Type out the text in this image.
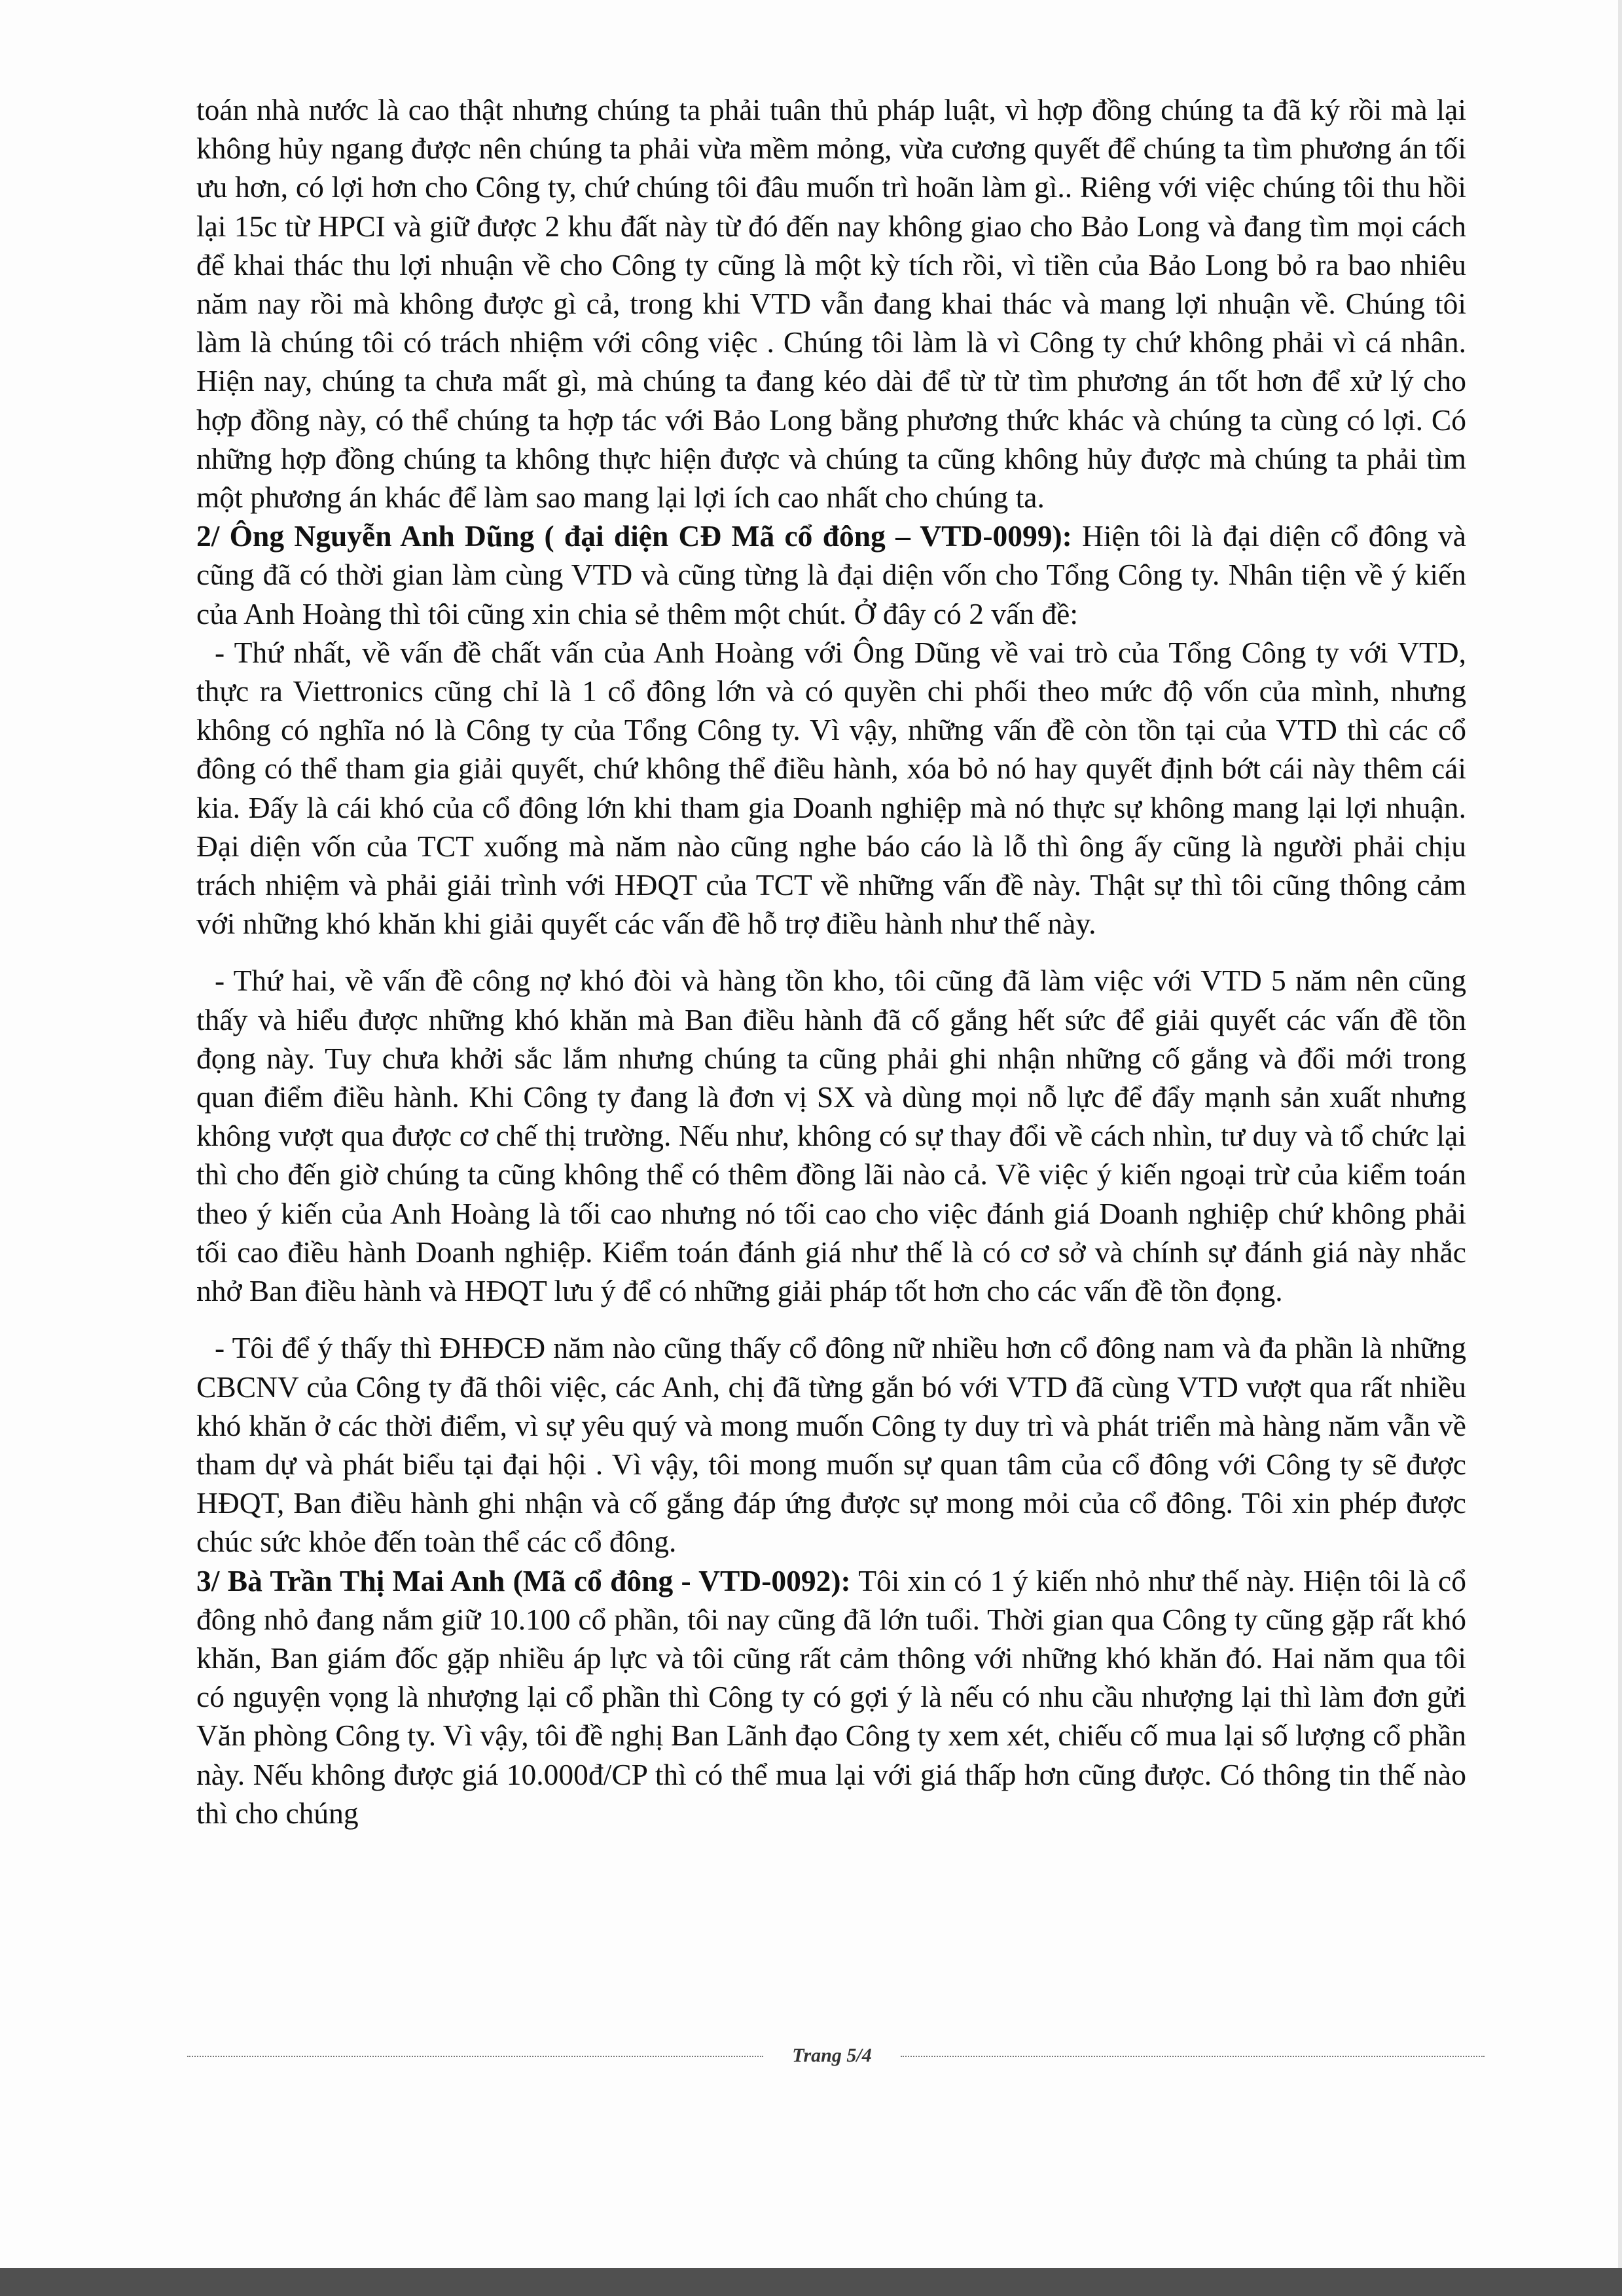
toán nhà nước là cao thật nhưng chúng ta phải tuân thủ pháp luật, vì hợp đồng chúng ta đã ký rồi mà lại không hủy ngang được nên chúng ta phải vừa mềm mỏng, vừa cương quyết để chúng ta tìm phương án tối ưu hơn, có lợi hơn cho Công ty, chứ chúng tôi đâu muốn trì hoãn làm gì.. Riêng với việc chúng tôi thu hồi lại 15c từ HPCI và giữ được 2 khu đất này từ đó đến nay không giao cho Bảo Long và đang tìm mọi cách để khai thác thu lợi nhuận về cho Công ty cũng là một kỳ tích rồi, vì tiền của Bảo Long bỏ ra bao nhiêu năm nay rồi mà không được gì cả, trong khi VTD vẫn đang khai thác và mang lợi nhuận về. Chúng tôi làm là chúng tôi có trách nhiệm với công việc . Chúng tôi làm là vì Công ty chứ không phải vì cá nhân. Hiện nay, chúng ta chưa mất gì, mà chúng ta đang kéo dài để từ từ tìm phương án tốt hơn để xử lý cho hợp đồng này, có thể chúng ta hợp tác với Bảo Long bằng phương thức khác và chúng ta cùng có lợi. Có những hợp đồng chúng ta không thực hiện được và chúng ta cũng không hủy được mà chúng ta phải tìm một phương án khác để làm sao mang lại lợi ích cao nhất cho chúng ta.

2/ Ông Nguyễn Anh Dũng ( đại diện CĐ Mã cổ đông – VTD-0099): Hiện tôi là đại diện cổ đông và cũng đã có thời gian làm cùng VTD và cũng từng là đại diện vốn cho Tổng Công ty. Nhân tiện về ý kiến của Anh Hoàng thì tôi cũng xin chia sẻ thêm một chút. Ở đây có 2 vấn đề:

- Thứ nhất, về vấn đề chất vấn của Anh Hoàng với Ông Dũng về vai trò của Tổng Công ty với VTD, thực ra Viettronics cũng chỉ là 1 cổ đông lớn và có quyền chi phối theo mức độ vốn của mình, nhưng không có nghĩa nó là Công ty của Tổng Công ty. Vì vậy, những vấn đề còn tồn tại của VTD thì các cổ đông có thể tham gia giải quyết, chứ không thể điều hành, xóa bỏ nó hay quyết định bớt cái này thêm cái kia. Đấy là cái khó của cổ đông lớn khi tham gia Doanh nghiệp mà nó thực sự không mang lại lợi nhuận. Đại diện vốn của TCT xuống mà năm nào cũng nghe báo cáo là lỗ thì ông ấy cũng là người phải chịu trách nhiệm và phải giải trình với HĐQT của TCT về những vấn đề này. Thật sự thì tôi cũng thông cảm với những khó khăn khi giải quyết các vấn đề hỗ trợ điều hành như thế này.

- Thứ hai, về vấn đề công nợ khó đòi và hàng tồn kho, tôi cũng đã làm việc với VTD 5 năm nên cũng thấy và hiểu được những khó khăn mà Ban điều hành đã cố gắng hết sức để giải quyết các vấn đề tồn đọng này. Tuy chưa khởi sắc lắm nhưng chúng ta cũng phải ghi nhận những cố gắng và đổi mới trong quan điểm điều hành. Khi Công ty đang là đơn vị SX và dùng mọi nỗ lực để đẩy mạnh sản xuất nhưng không vượt qua được cơ chế thị trường. Nếu như, không có sự thay đổi về cách nhìn, tư duy và tổ chức lại thì cho đến giờ chúng ta cũng không thể có thêm đồng lãi nào cả. Về việc ý kiến ngoại trừ của kiểm toán theo ý kiến của Anh Hoàng là tối cao nhưng nó tối cao cho việc đánh giá Doanh nghiệp chứ không phải tối cao điều hành Doanh nghiệp. Kiểm toán đánh giá như thế là có cơ sở và chính sự đánh giá này nhắc nhở Ban điều hành và HĐQT lưu ý để có những giải pháp tốt hơn cho các vấn đề tồn đọng.

- Tôi để ý thấy thì ĐHĐCĐ năm nào cũng thấy cổ đông nữ nhiều hơn cổ đông nam và đa phần là những CBCNV của Công ty đã thôi việc, các Anh, chị đã từng gắn bó với VTD đã cùng VTD vượt qua rất nhiều khó khăn ở các thời điểm, vì sự yêu quý và mong muốn Công ty duy trì và phát triển mà hàng năm vẫn về tham dự và phát biểu tại đại hội . Vì vậy, tôi mong muốn sự quan tâm của cổ đông với Công ty sẽ được HĐQT, Ban điều hành ghi nhận và cố gắng đáp ứng được sự mong mỏi của cổ đông. Tôi xin phép được chúc sức khỏe đến toàn thể các cổ đông.

3/ Bà Trần Thị Mai Anh (Mã cổ đông - VTD-0092): Tôi xin có 1 ý kiến nhỏ như thế này. Hiện tôi là cổ đông nhỏ đang nắm giữ 10.100 cổ phần, tôi nay cũng đã lớn tuổi. Thời gian qua Công ty cũng gặp rất khó khăn, Ban giám đốc gặp nhiều áp lực và tôi cũng rất cảm thông với những khó khăn đó. Hai năm qua tôi có nguyện vọng là nhượng lại cổ phần thì Công ty có gợi ý là nếu có nhu cầu nhượng lại thì làm đơn gửi Văn phòng Công ty. Vì vậy, tôi đề nghị Ban Lãnh đạo Công ty xem xét, chiếu cố mua lại số lượng cổ phần này. Nếu không được giá 10.000đ/CP thì có thể mua lại với giá thấp hơn cũng được. Có thông tin thế nào thì cho chúng

Trang 5/4
